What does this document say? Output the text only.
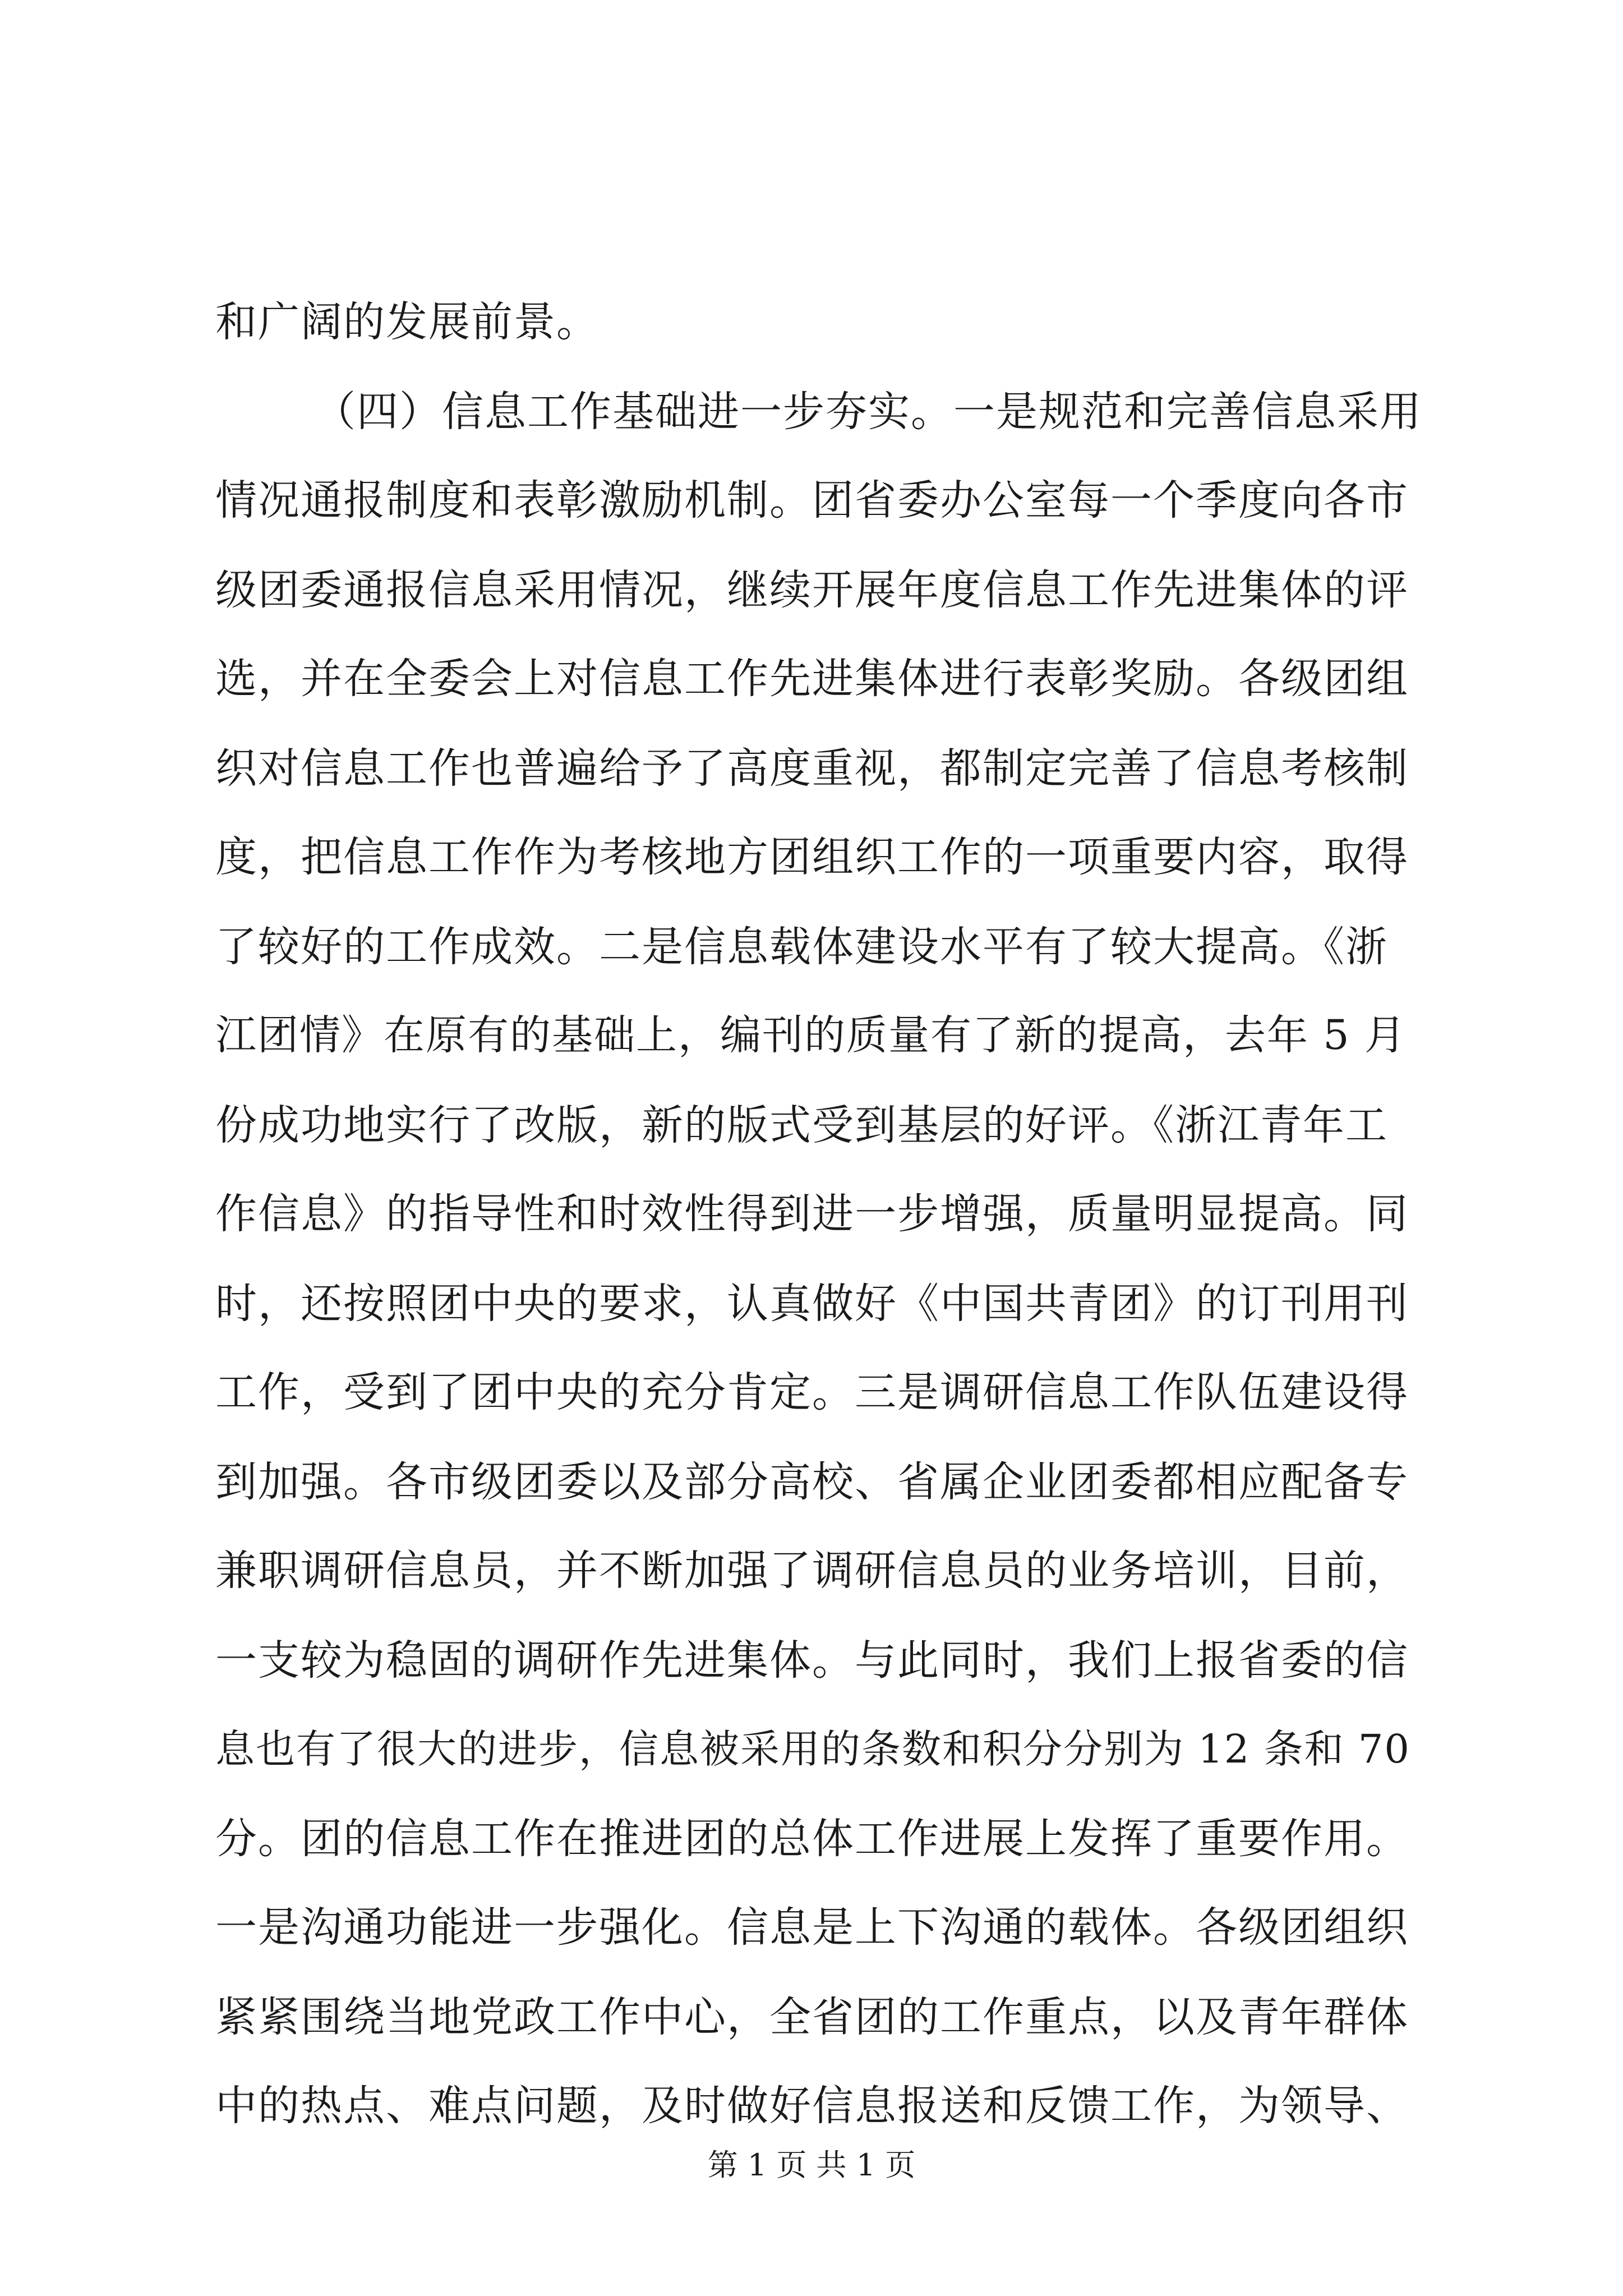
和广阔的发展前景。
（四）信息工作基础进一步夯实。一是规范和完善信息采用
情况通报制度和表彰激励机制。团省委办公室每一个季度向各市
级团委通报信息采用情况，继续开展年度信息工作先进集体的评
选，并在全委会上对信息工作先进集体进行表彰奖励。各级团组
织对信息工作也普遍给予了高度重视，都制定完善了信息考核制
度，把信息工作作为考核地方团组织工作的一项重要内容，取得
了较好的工作成效。二是信息载体建设水平有了较大提高。《浙
江团情》在原有的基础上，编刊的质量有了新的提高，去年 5 月
份成功地实行了改版，新的版式受到基层的好评。《浙江青年工
作信息》的指导性和时效性得到进一步增强，质量明显提高。同
时，还按照团中央的要求，认真做好《中国共青团》的订刊用刊
工作，受到了团中央的充分肯定。三是调研信息工作队伍建设得
到加强。各市级团委以及部分高校、省属企业团委都相应配备专
兼职调研信息员，并不断加强了调研信息员的业务培训，目前，
一支较为稳固的调研作先进集体。与此同时，我们上报省委的信
息也有了很大的进步，信息被采用的条数和积分分别为 12 条和 70
分。团的信息工作在推进团的总体工作进展上发挥了重要作用。
一是沟通功能进一步强化。信息是上下沟通的载体。各级团组织
紧紧围绕当地党政工作中心，全省团的工作重点，以及青年群体
中的热点、难点问题，及时做好信息报送和反馈工作，为领导、
第 1 页 共 1 页
